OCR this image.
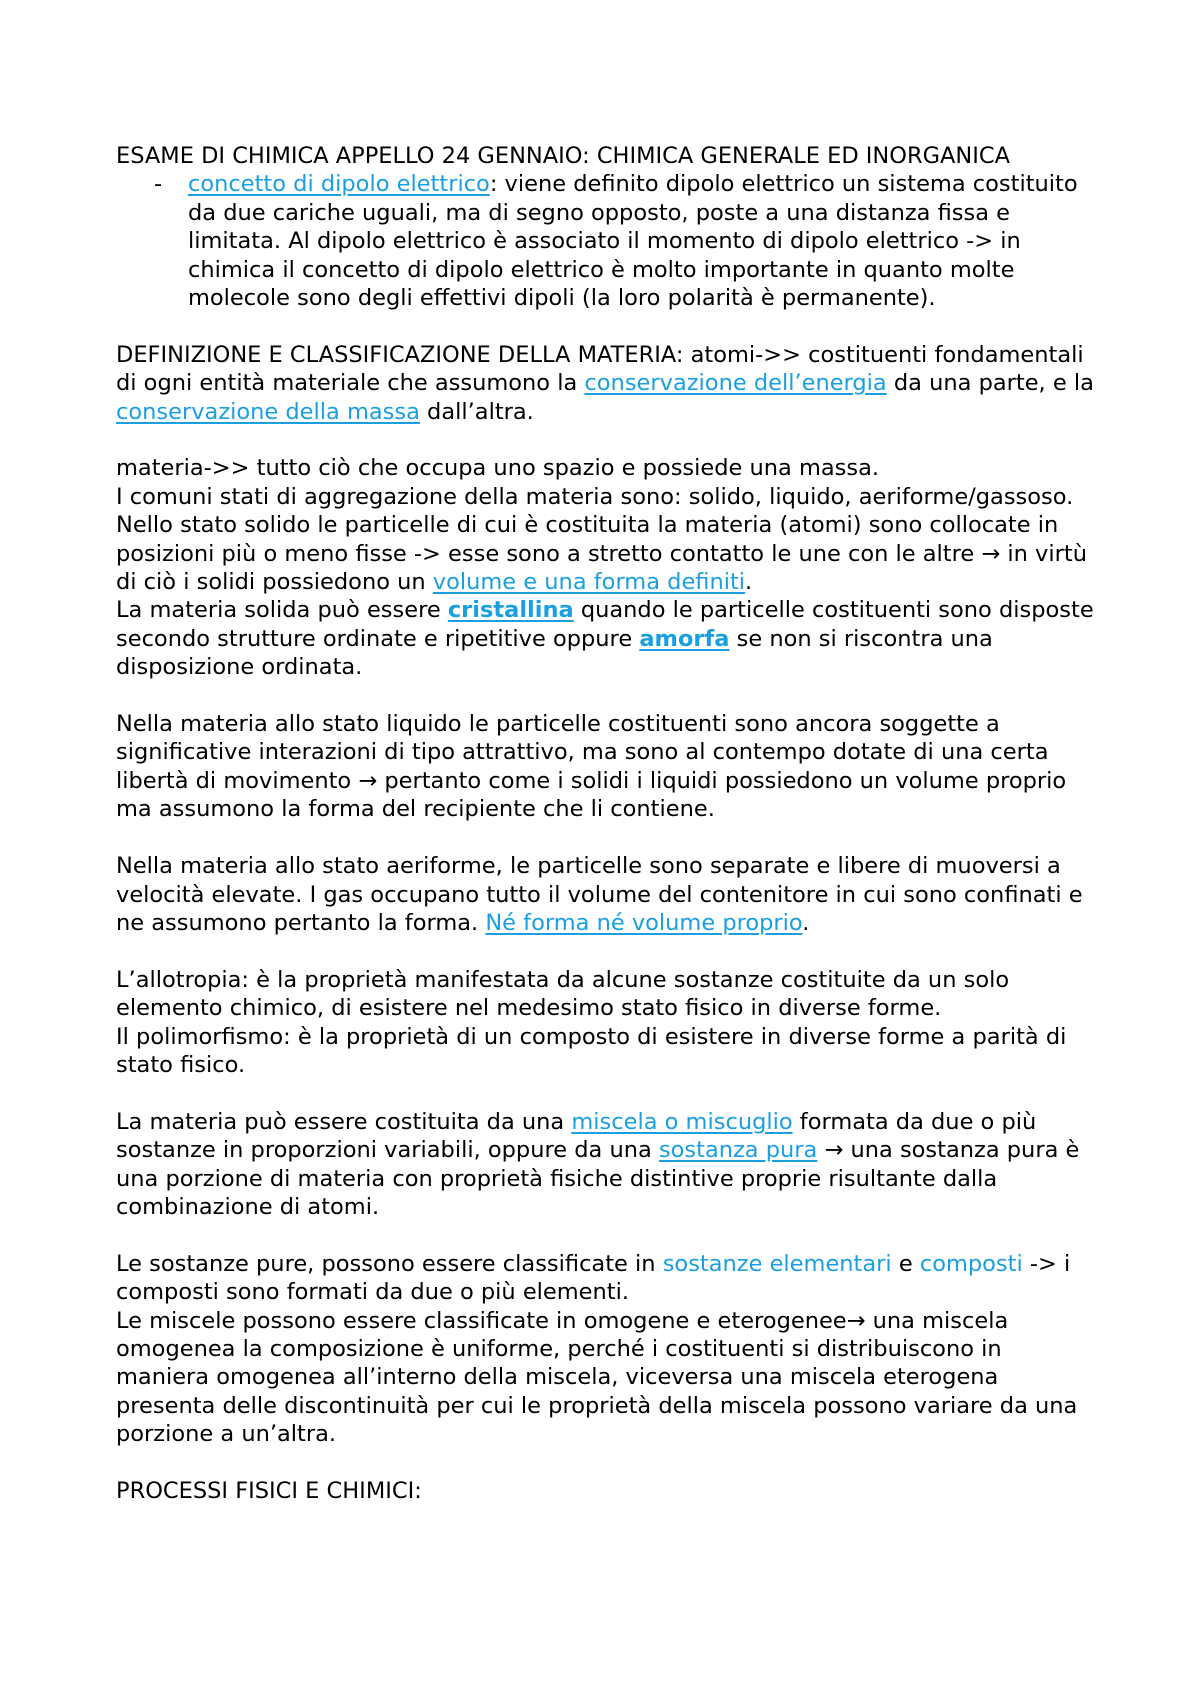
ESAME DI CHIMICA APPELLO 24 GENNAIO: CHIMICA GENERALE ED INORGANICA

- concetto di dipolo elettrico: viene definito dipolo elettrico un sistema costituito da due cariche uguali, ma di segno opposto, poste a una distanza fissa e limitata. Al dipolo elettrico è associato il momento di dipolo elettrico -> in chimica il concetto di dipolo elettrico è molto importante in quanto molte molecole sono degli effettivi dipoli (la loro polarità è permanente).

DEFINIZIONE E CLASSIFICAZIONE DELLA MATERIA: atomi->> costituenti fondamentali di ogni entità materiale che assumono la conservazione dell’energia da una parte, e la conservazione della massa dall’altra.

materia->> tutto ciò che occupa uno spazio e possiede una massa.

I comuni stati di aggregazione della materia sono: solido, liquido, aeriforme/gassoso.

Nello stato solido le particelle di cui è costituita la materia (atomi) sono collocate in posizioni più o meno fisse -> esse sono a stretto contatto le une con le altre → in virtù di ciò i solidi possiedono un volume e una forma definiti.

La materia solida può essere cristallina quando le particelle costituenti sono disposte secondo strutture ordinate e ripetitive oppure amorfa se non si riscontra una disposizione ordinata.

Nella materia allo stato liquido le particelle costituenti sono ancora soggette a significative interazioni di tipo attrattivo, ma sono al contempo dotate di una certa libertà di movimento → pertanto come i solidi i liquidi possiedono un volume proprio ma assumono la forma del recipiente che li contiene.

Nella materia allo stato aeriforme, le particelle sono separate e libere di muoversi a velocità elevate. I gas occupano tutto il volume del contenitore in cui sono confinati e ne assumono pertanto la forma. Né forma né volume proprio.

L’allotropia: è la proprietà manifestata da alcune sostanze costituite da un solo elemento chimico, di esistere nel medesimo stato fisico in diverse forme.

Il polimorfismo: è la proprietà di un composto di esistere in diverse forme a parità di stato fisico.

La materia può essere costituita da una miscela o miscuglio formata da due o più sostanze in proporzioni variabili, oppure da una sostanza pura → una sostanza pura è una porzione di materia con proprietà fisiche distintive proprie risultante dalla combinazione di atomi.

Le sostanze pure, possono essere classificate in sostanze elementari e composti -> i composti sono formati da due o più elementi.

Le miscele possono essere classificate in omogene e eterogenee→ una miscela omogenea la composizione è uniforme, perché i costituenti si distribuiscono in maniera omogenea all’interno della miscela, viceversa una miscela eterogena presenta delle discontinuità per cui le proprietà della miscela possono variare da una porzione a un’altra.

PROCESSI FISICI E CHIMICI:
